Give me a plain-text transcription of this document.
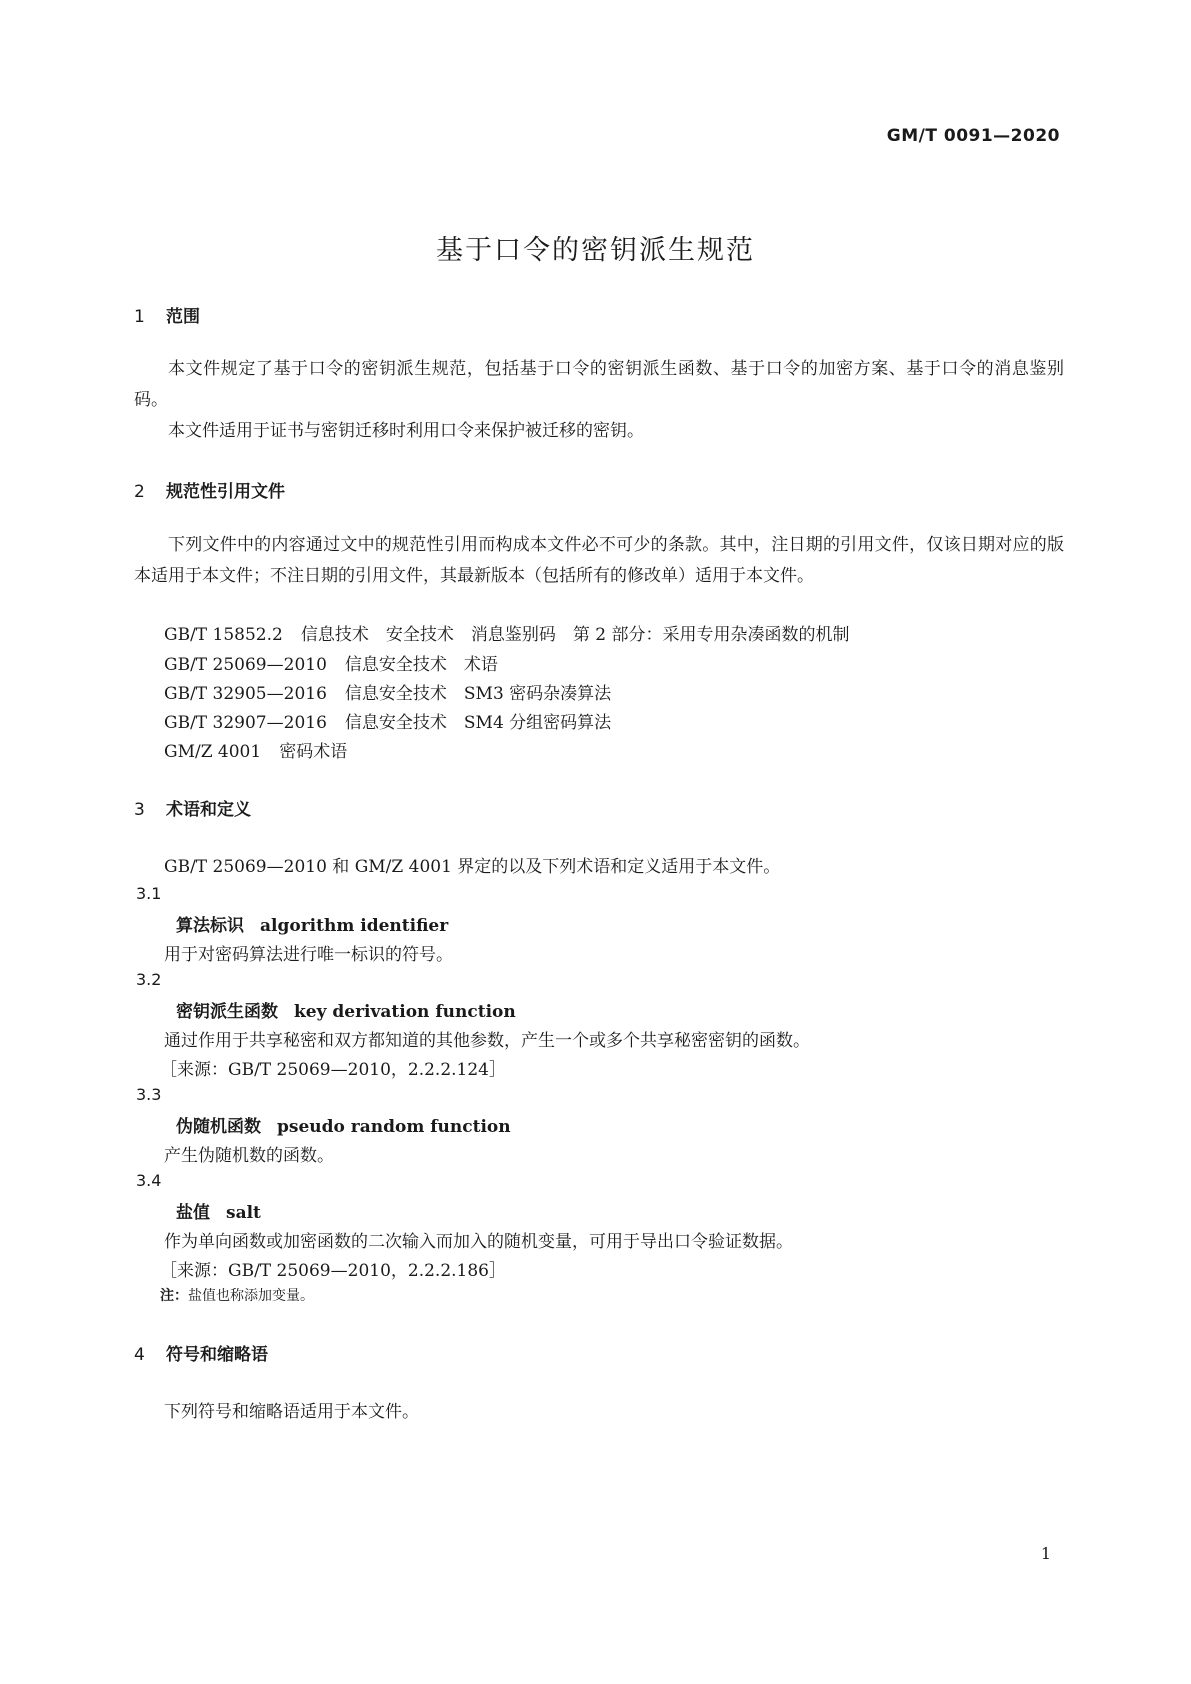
GM/T 0091—2020
基于口令的密钥派生规范
1 范围
本文件规定了基于口令的密钥派生规范，包括基于口令的密钥派生函数、基于口令的加密方案、基于口令的消息鉴别码。
本文件适用于证书与密钥迁移时利用口令来保护被迁移的密钥。
2 规范性引用文件
下列文件中的内容通过文中的规范性引用而构成本文件必不可少的条款。其中，注日期的引用文件，仅该日期对应的版本适用于本文件；不注日期的引用文件，其最新版本（包括所有的修改单）适用于本文件。
GB/T 15852.2 信息技术　安全技术　消息鉴别码　第 2 部分：采用专用杂凑函数的机制
GB/T 25069—2010 信息安全技术　术语
GB/T 32905—2016 信息安全技术　SM3 密码杂凑算法
GB/T 32907—2016 信息安全技术　SM4 分组密码算法
GM/Z 4001 密码术语
3 术语和定义
GB/T 25069—2010 和 GM/Z 4001 界定的以及下列术语和定义适用于本文件。
3.1
算法标识 algorithm identifier
用于对密码算法进行唯一标识的符号。
3.2
密钥派生函数 key derivation function
通过作用于共享秘密和双方都知道的其他参数，产生一个或多个共享秘密密钥的函数。
［来源：GB/T 25069—2010，2.2.2.124］
3.3
伪随机函数 pseudo random function
产生伪随机数的函数。
3.4
盐值 salt
作为单向函数或加密函数的二次输入而加入的随机变量，可用于导出口令验证数据。
［来源：GB/T 25069—2010，2.2.2.186］
注：盐值也称添加变量。
4 符号和缩略语
下列符号和缩略语适用于本文件。
1
